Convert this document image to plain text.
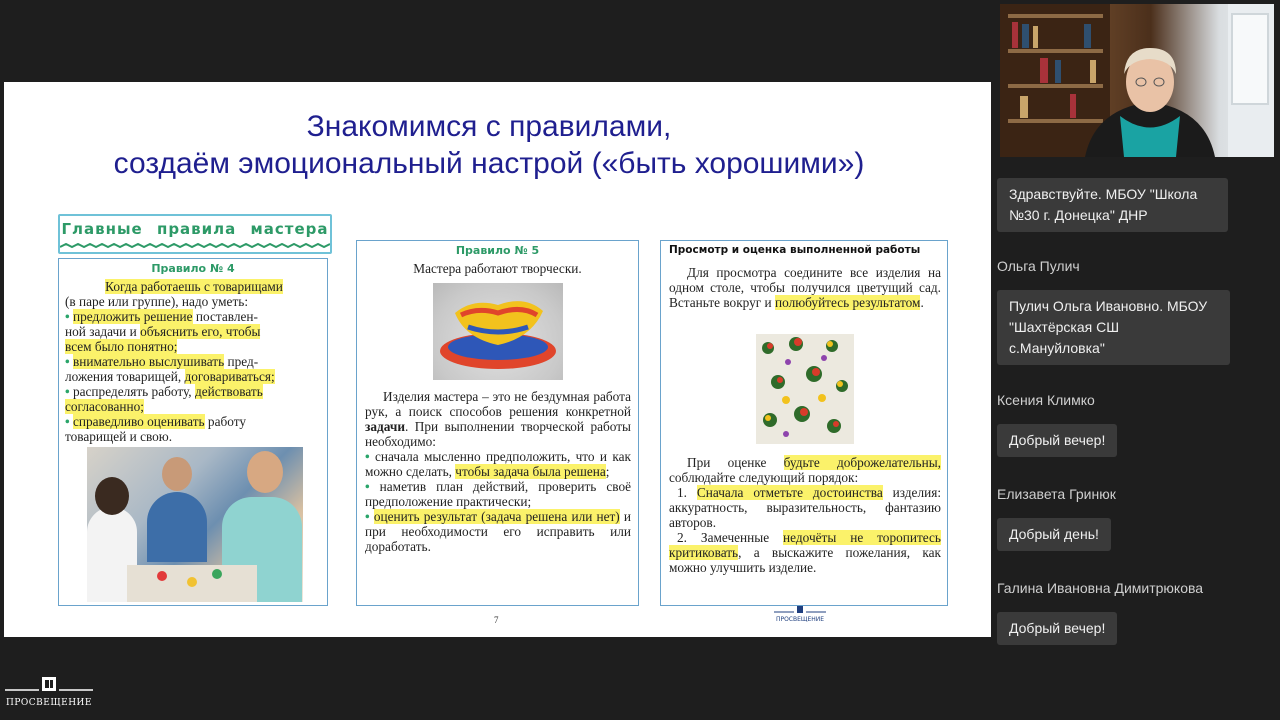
Знакомимся с правилами,
создаём эмоциональный настрой («быть хорошими»)
Главные правила мастера
Правило № 4

Когда работаешь с товарищами

(в паре или группе), надо уметь:

• предложить решение поставлен-

ной задачи и объяснить его, чтобы

всем было понятно;

• внимательно выслушивать пред-

ложения товарищей, договариваться;

• распределять работу, действовать

согласованно;

• справедливо оценивать работу

товарищей и свою.

Правило № 5
Мастера работают творчески.

Изделия мастера – это не бездумная работа рук, а поиск способов решения конкретной задачи. При выполнении творческой работы необходимо:

• сначала мысленно предположить, что и как можно сделать, чтобы задача была решена;

• наметив план действий, проверить своё предположение практически;

• оценить результат (задача решена или нет) и при необходимости его исправить или доработать.

Просмотр и оценка выполненной работы

Для просмотра соедините все изделия на одном столе, чтобы получился цветущий сад. Встаньте вокруг и полюбуйтесь результатом.

При оценке будьте доброжелательны, соблюдайте следующий порядок:

1. Сначала отметьте достоинства изделия: аккуратность, выразительность, фантазию авторов.

2. Замеченные недочёты не торопитесь критиковать, а выскажите пожелания, как можно улучшить изделие.

7	ПРОСВЕЩЕНИЕ
Здравствуйте. МБОУ "Школа №30 г. Донецка" ДНР
Ольга Пулич
Пулич Ольга Ивановно. МБОУ "Шахтёрская СШ с.Мануйловка"
Ксения Климко
Добрый вечер!
Елизавета Гринюк
Добрый день!
Галина Ивановна Димитрюкова
Добрый вечер!
ПРОСВЕЩЕНИЕ
